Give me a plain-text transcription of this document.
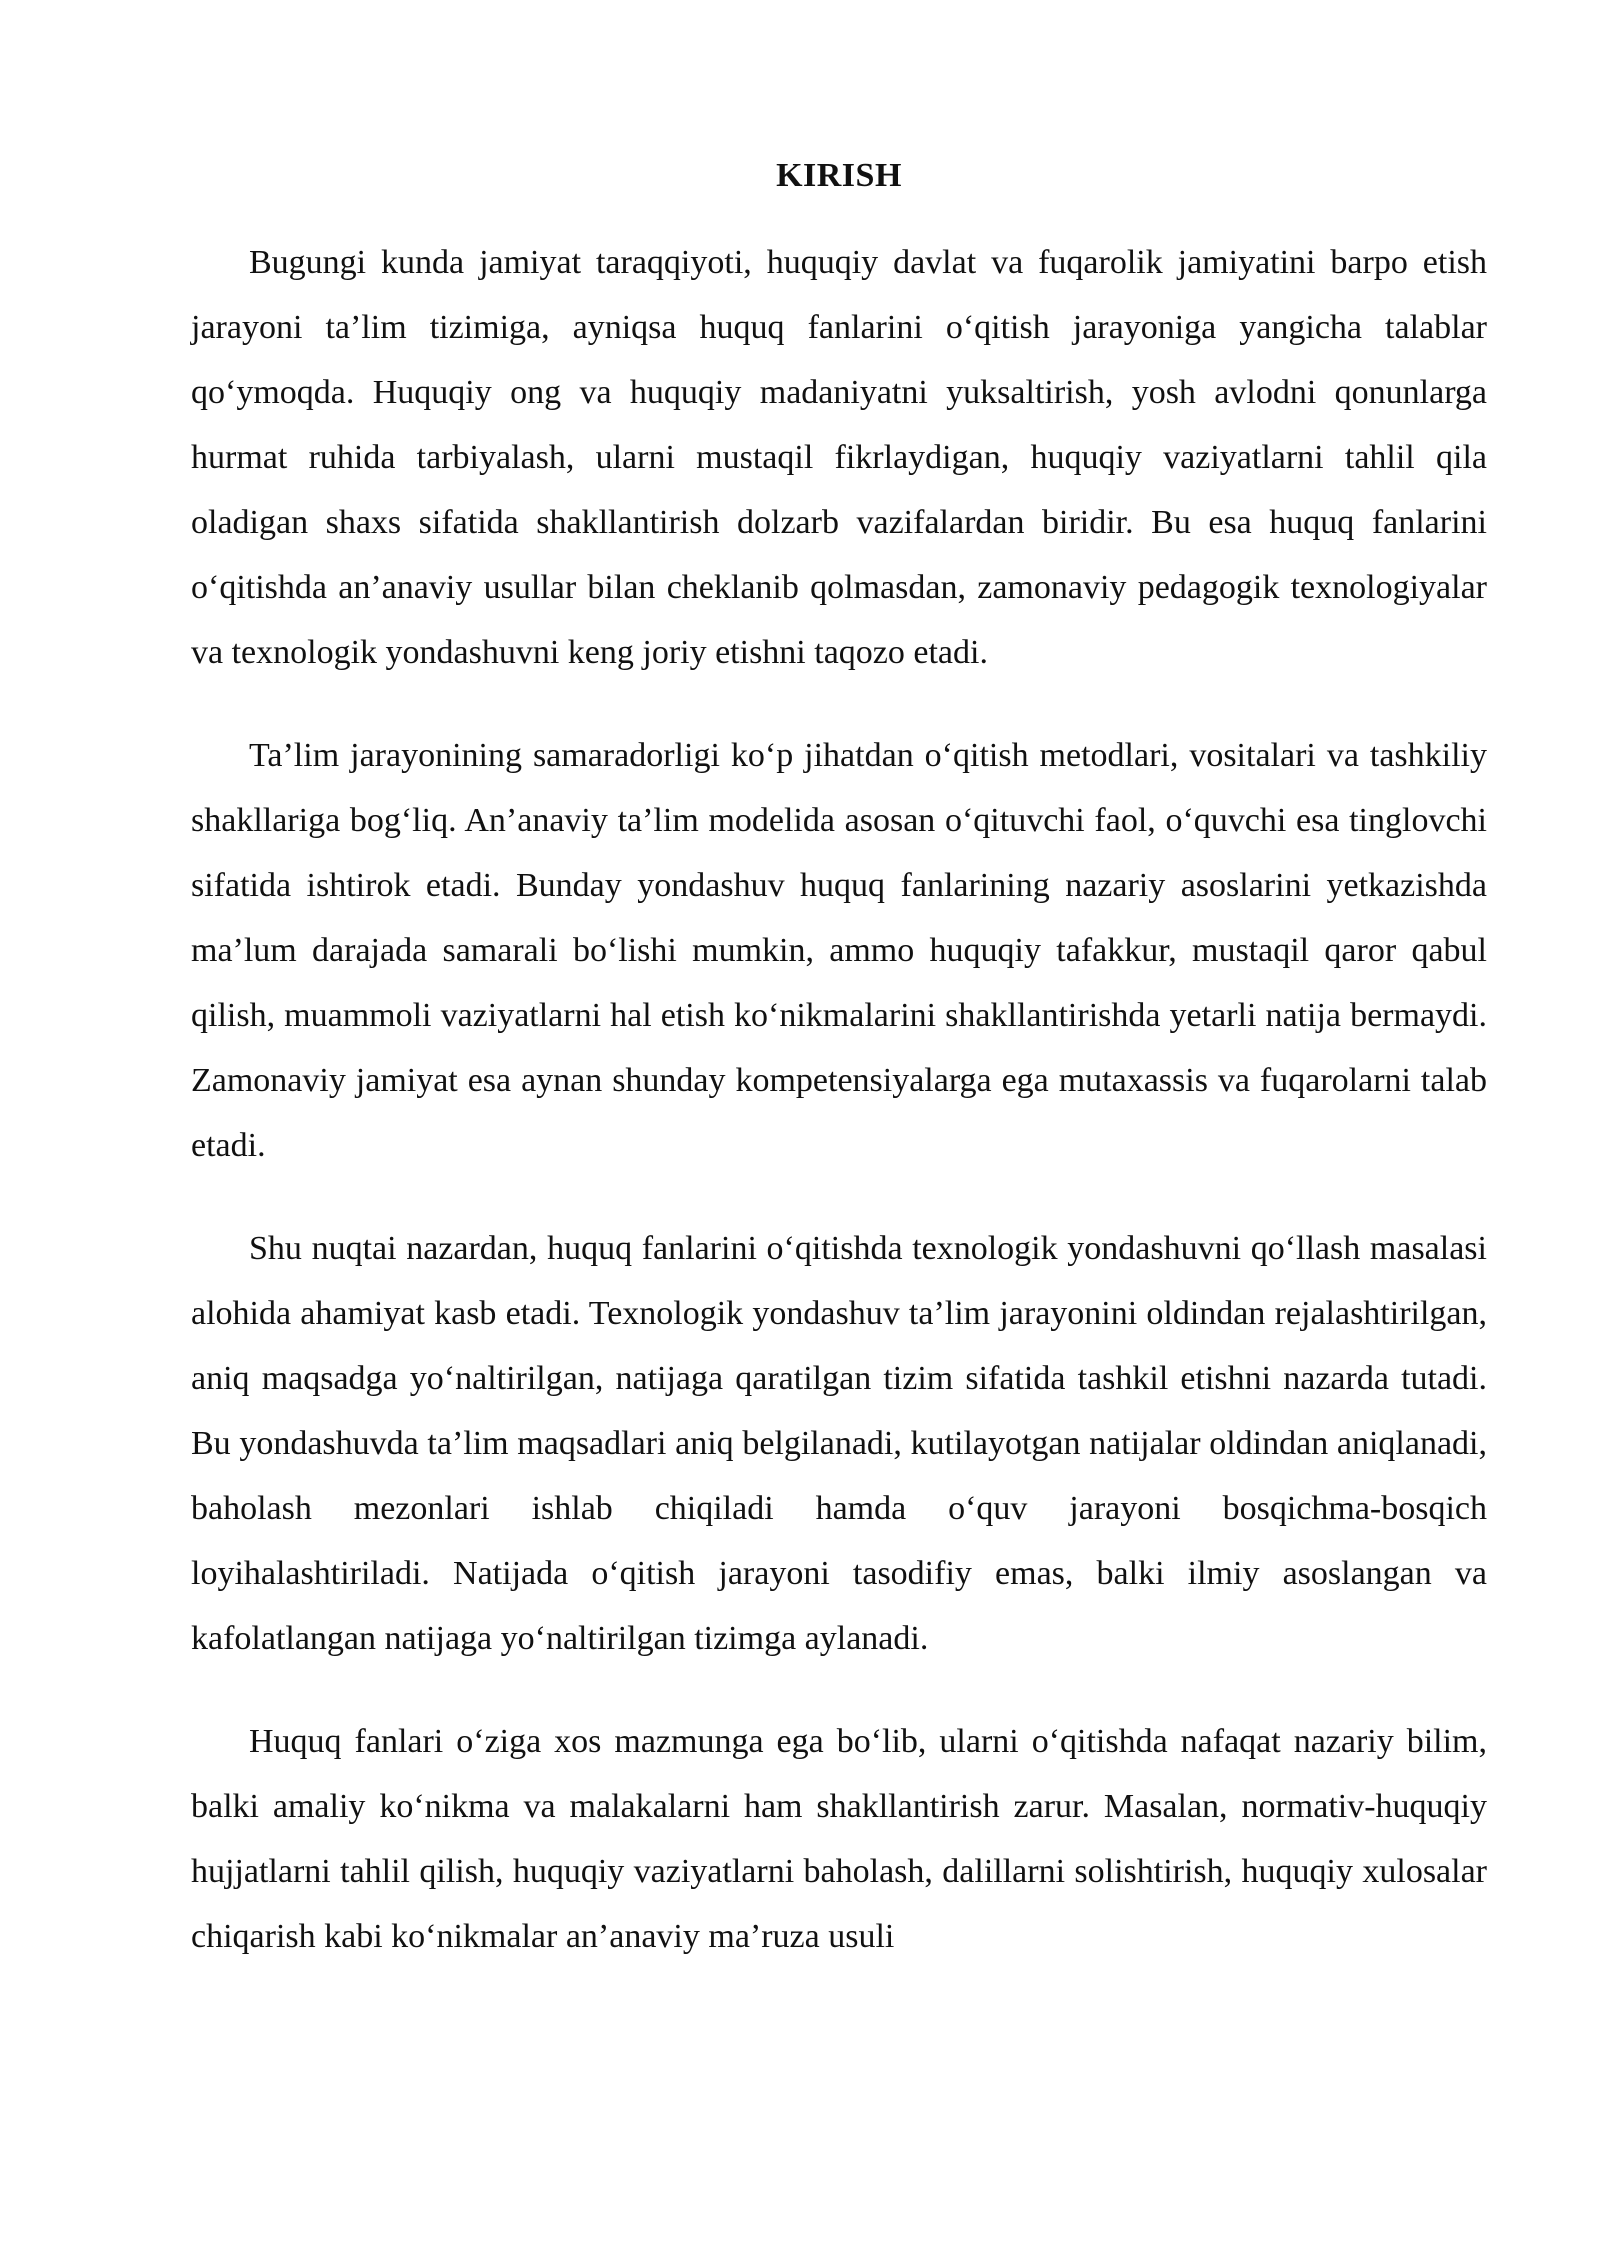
KIRISH

Bugungi kunda jamiyat taraqqiyoti, huquqiy davlat va fuqarolik jamiyatini barpo etish jarayoni ta’lim tizimiga, ayniqsa huquq fanlarini o‘qitish jarayoniga yangicha talablar qo‘ymoqda. Huquqiy ong va huquqiy madaniyatni yuksaltirish, yosh avlodni qonunlarga hurmat ruhida tarbiyalash, ularni mustaqil fikrlaydigan, huquqiy vaziyatlarni tahlil qila oladigan shaxs sifatida shakllantirish dolzarb vazifalardan biridir. Bu esa huquq fanlarini o‘qitishda an’anaviy usullar bilan cheklanib qolmasdan, zamonaviy pedagogik texnologiyalar va texnologik yondashuvni keng joriy etishni taqozo etadi.

Ta’lim jarayonining samaradorligi ko‘p jihatdan o‘qitish metodlari, vositalari va tashkiliy shakllariga bog‘liq. An’anaviy ta’lim modelida asosan o‘qituvchi faol, o‘quvchi esa tinglovchi sifatida ishtirok etadi. Bunday yondashuv huquq fanlarining nazariy asoslarini yetkazishda ma’lum darajada samarali bo‘lishi mumkin, ammo huquqiy tafakkur, mustaqil qaror qabul qilish, muammoli vaziyatlarni hal etish ko‘nikmalarini shakllantirishda yetarli natija bermaydi. Zamonaviy jamiyat esa aynan shunday kompetensiyalarga ega mutaxassis va fuqarolarni talab etadi.

Shu nuqtai nazardan, huquq fanlarini o‘qitishda texnologik yondashuvni qo‘llash masalasi alohida ahamiyat kasb etadi. Texnologik yondashuv ta’lim jarayonini oldindan rejalashtirilgan, aniq maqsadga yo‘naltirilgan, natijaga qaratilgan tizim sifatida tashkil etishni nazarda tutadi. Bu yondashuvda ta’lim maqsadlari aniq belgilanadi, kutilayotgan natijalar oldindan aniqlanadi, baholash mezonlari ishlab chiqiladi hamda o‘quv jarayoni bosqichma-bosqich loyihalashtiriladi. Natijada o‘qitish jarayoni tasodifiy emas, balki ilmiy asoslangan va kafolatlangan natijaga yo‘naltirilgan tizimga aylanadi.

Huquq fanlari o‘ziga xos mazmunga ega bo‘lib, ularni o‘qitishda nafaqat nazariy bilim, balki amaliy ko‘nikma va malakalarni ham shakllantirish zarur. Masalan, normativ-huquqiy hujjatlarni tahlil qilish, huquqiy vaziyatlarni baholash, dalillarni solishtirish, huquqiy xulosalar chiqarish kabi ko‘nikmalar an’anaviy ma’ruza usuli
